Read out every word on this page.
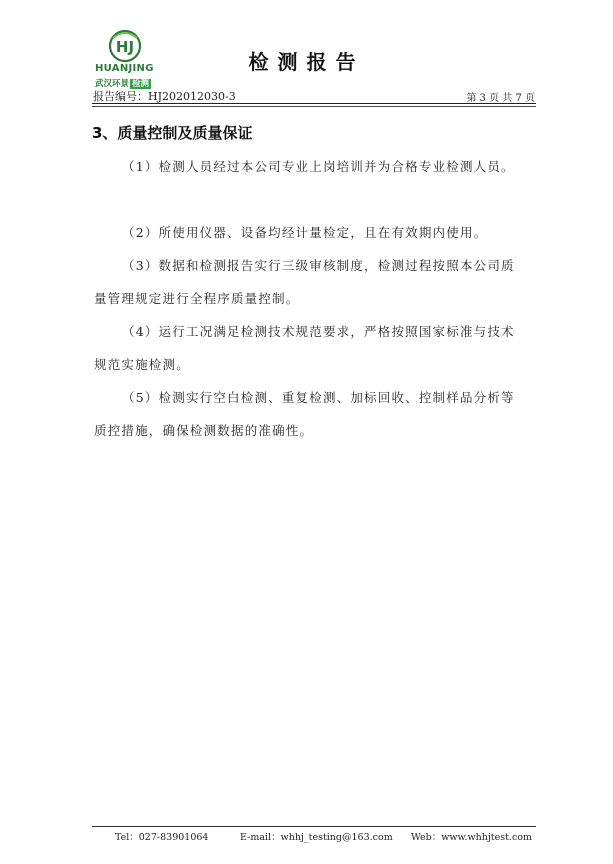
HJ
HUANJING
武汉环景 检测
检测报告
报告编号：HJ202012030-3	第 3 页 共 7 页
3、质量控制及质量保证
（1）检测人员经过本公司专业上岗培训并为合格专业检测人员。
（2）所使用仪器、设备均经计量检定，且在有效期内使用。
（3）数据和检测报告实行三级审核制度，检测过程按照本公司质量管理规定进行全程序质量控制。
（4）运行工况满足检测技术规范要求，严格按照国家标准与技术规范实施检测。
（5）检测实行空白检测、重复检测、加标回收、控制样品分析等质控措施，确保检测数据的准确性。
Tel：027-83901064	E-mail：whhj_testing@163.com Web：www.whhjtest.com
